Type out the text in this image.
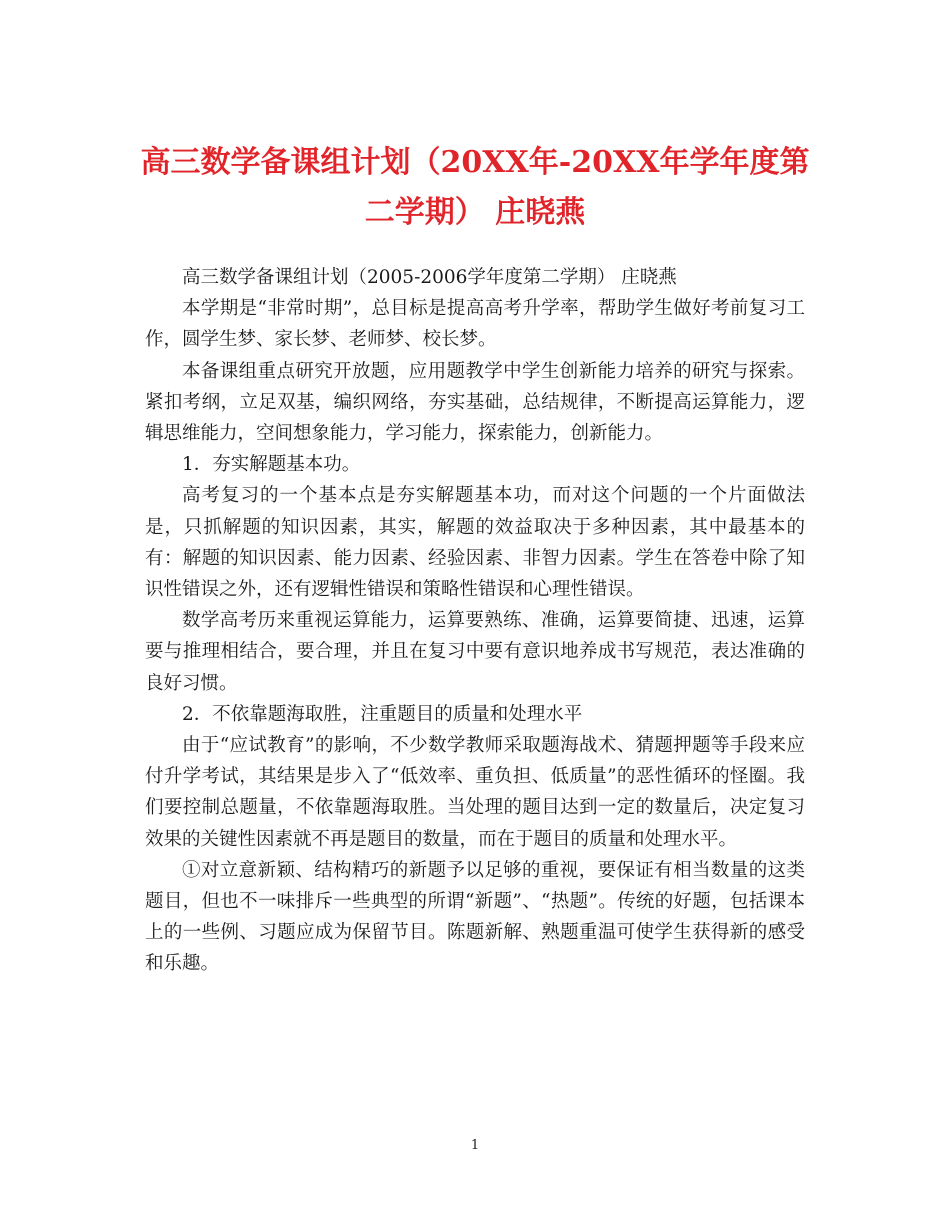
高三数学备课组计划（20XX年-20XX年学年度第二学期） 庄晓燕

高三数学备课组计划（2005-2006学年度第二学期） 庄晓燕

本学期是“非常时期”，总目标是提高高考升学率，帮助学生做好考前复习工作，圆学生梦、家长梦、老师梦、校长梦。

本备课组重点研究开放题，应用题教学中学生创新能力培养的研究与探索。紧扣考纲，立足双基，编织网络，夯实基础，总结规律，不断提高运算能力，逻辑思维能力，空间想象能力，学习能力，探索能力，创新能力。

1．夯实解题基本功。

高考复习的一个基本点是夯实解题基本功，而对这个问题的一个片面做法是，只抓解题的知识因素，其实，解题的效益取决于多种因素，其中最基本的有：解题的知识因素、能力因素、经验因素、非智力因素。学生在答卷中除了知识性错误之外，还有逻辑性错误和策略性错误和心理性错误。

数学高考历来重视运算能力，运算要熟练、准确，运算要简捷、迅速，运算要与推理相结合，要合理，并且在复习中要有意识地养成书写规范，表达准确的良好习惯。

2．不依靠题海取胜，注重题目的质量和处理水平

由于“应试教育”的影响，不少数学教师采取题海战术、猜题押题等手段来应付升学考试，其结果是步入了“低效率、重负担、低质量”的恶性循环的怪圈。我们要控制总题量，不依靠题海取胜。当处理的题目达到一定的数量后，决定复习效果的关键性因素就不再是题目的数量，而在于题目的质量和处理水平。

①对立意新颖、结构精巧的新题予以足够的重视，要保证有相当数量的这类题目，但也不一味排斥一些典型的所谓“新题”、“热题”。传统的好题，包括课本上的一些例、习题应成为保留节目。陈题新解、熟题重温可使学生获得新的感受和乐趣。

1
